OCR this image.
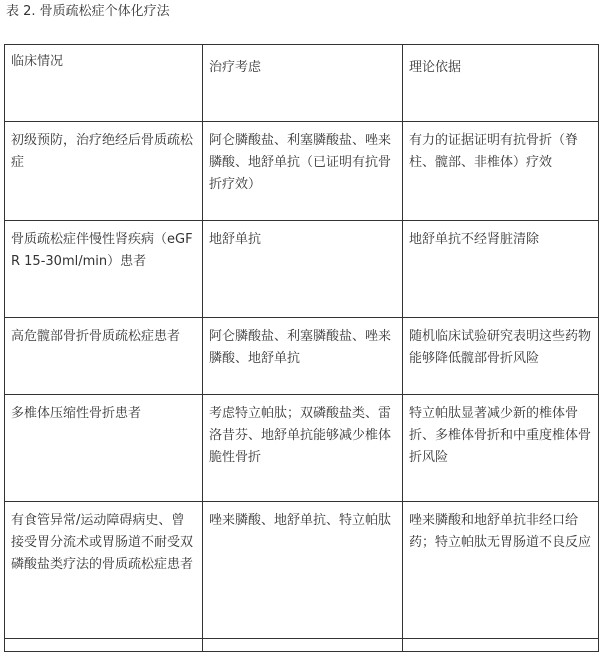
表 2. 骨质疏松症个体化疗法
临床情况	治疗考虑	理论依据
初级预防，治疗绝经后骨质疏松症	阿仑膦酸盐、利塞膦酸盐、唑来膦酸、地舒单抗（已证明有抗骨折疗效）	有力的证据证明有抗骨折（脊柱、髋部、非椎体）疗效
骨质疏松症伴慢性肾疾病（eGFR 15-30ml/min）患者	地舒单抗	地舒单抗不经肾脏清除
高危髋部骨折骨质疏松症患者	阿仑膦酸盐、利塞膦酸盐、唑来膦酸、地舒单抗	随机临床试验研究表明这些药物能够降低髋部骨折风险
多椎体压缩性骨折患者	考虑特立帕肽；双磷酸盐类、雷洛昔芬、地舒单抗能够减少椎体脆性骨折	特立帕肽显著减少新的椎体骨折、多椎体骨折和中重度椎体骨折风险
有食管异常/运动障碍病史、曾接受胃分流术或胃肠道不耐受双磷酸盐类疗法的骨质疏松症患者	唑来膦酸、地舒单抗、特立帕肽	唑来膦酸和地舒单抗非经口给药；特立帕肽无胃肠道不良反应
